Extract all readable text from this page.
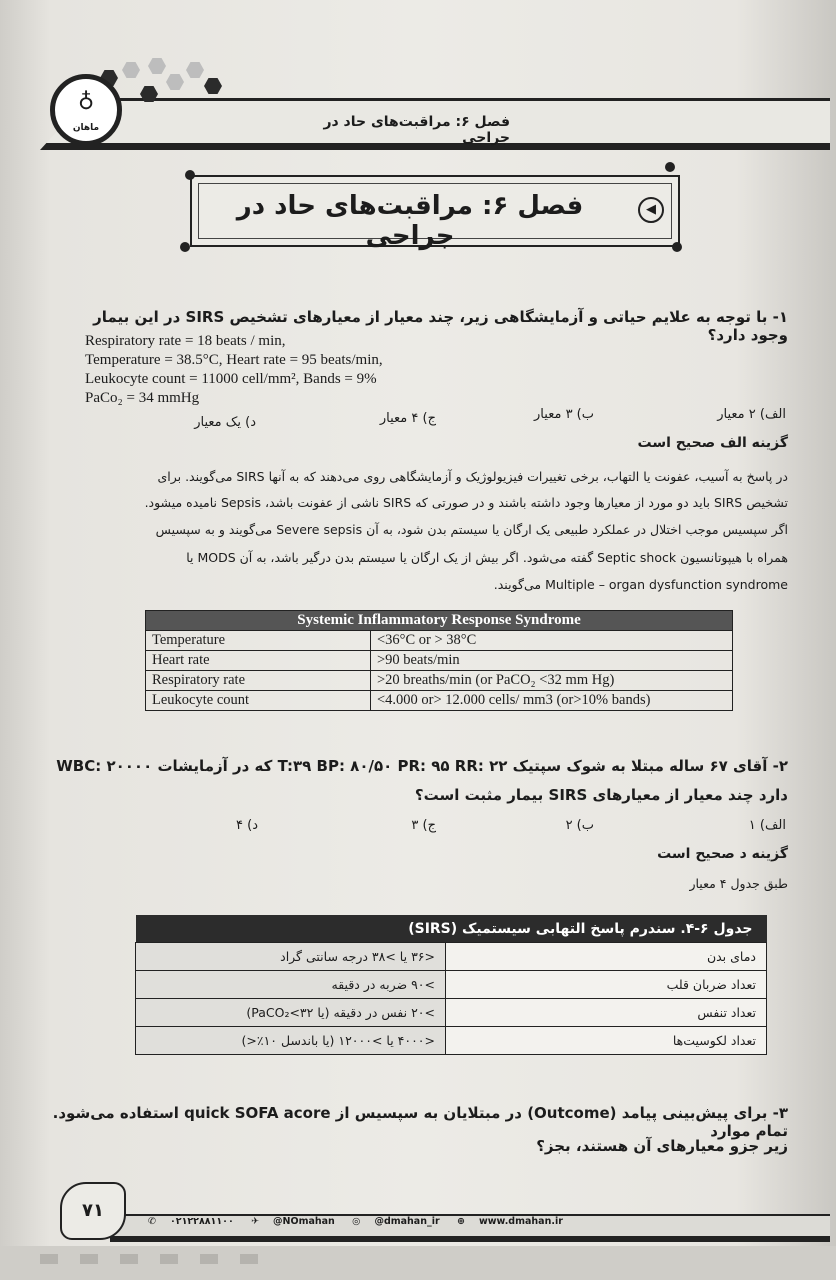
♁
ماهان	فصل ۶: مراقبت‌های حاد در جراحی
فصل ۶: مراقبت‌های حاد در جراحی
◀
۱- با توجه به علایم حیاتی و آزمایشگاهی زیر، چند معیار از معیارهای تشخیص SIRS در این بیمار وجود دارد؟
Respiratory rate = 18 beats / min,
Temperature = 38.5°C, Heart rate = 95 beats/min,
Leukocyte count = 11000 cell/mm², Bands = 9%
PaCo₂ = 34 mmHg
الف) ۲ معیار
ب) ۳ معیار
ج) ۴ معیار
د) یک معیار
گزینه الف صحیح است
در پاسخ به آسیب، عفونت یا التهاب، برخی تغییرات فیزیولوژیک و آزمایشگاهی روی می‌دهند که به آنها SIRS می‌گویند. برای
تشخیص SIRS باید دو مورد از معیارها وجود داشته باشند و در صورتی که SIRS ناشی از عفونت باشد، Sepsis نامیده میشود.
اگر سپسیس موجب اختلال در عملکرد طبیعی یک ارگان یا سیستم بدن شود، به آن Severe sepsis می‌گویند و به سپسیس
همراه با هیپوتانسیون Septic shock گفته می‌شود. اگر بیش از یک ارگان یا سیستم بدن درگیر باشد، به آن MODS یا
Multiple – organ dysfunction syndrome می‌گویند.
Systemic Inflammatory Response Syndrome	
Temperature	<36°C or > 38°C
Heart rate	>90 beats/min
Respiratory rate	>20 breaths/min (or PaCO₂ <32 mm Hg)
Leukocyte count	<4.000 or> 12.000 cells/ mm3 (or>10% bands)
۲- آقای ۶۷ ساله مبتلا به شوک سپتیک T:۳۹ BP: ۸۰/۵۰ PR: ۹۵ RR: ۲۲ که در آزمایشات WBC: ۲۰۰۰۰
دارد چند معیار از معیارهای SIRS بیمار مثبت است؟
الف) ۱
ب) ۲
ج) ۳
د) ۴
گزینه د صحیح است
طبق جدول ۴ معیار
جدول ۶-۴. سندرم پاسخ التهابی سیستمیک (SIRS)	
دمای بدن	<۳۶ یا >۳۸ درجه سانتی گراد
تعداد ضربان قلب	>۹۰ ضربه در دقیقه
تعداد تنفس	>۲۰ نفس در دقیقه (یا PaCO₂<۳۲)
تعداد لکوسیت‌ها	<۴۰۰۰ یا >۱۲۰۰۰ (یا باندسل ۱۰٪<)
۳- برای پیش‌بینی پیامد (Outcome) در مبتلایان به سپسیس از quick SOFA acore استفاده می‌شود. تمام موارد
زیر جزو معیارهای آن هستند، بجز؟
۷۱
✆ ۰۲۱۲۲۸۸۱۱۰۰ ✈ @NOmahan ◎ @dmahan_ir ⊕ www.dmahan.ir
